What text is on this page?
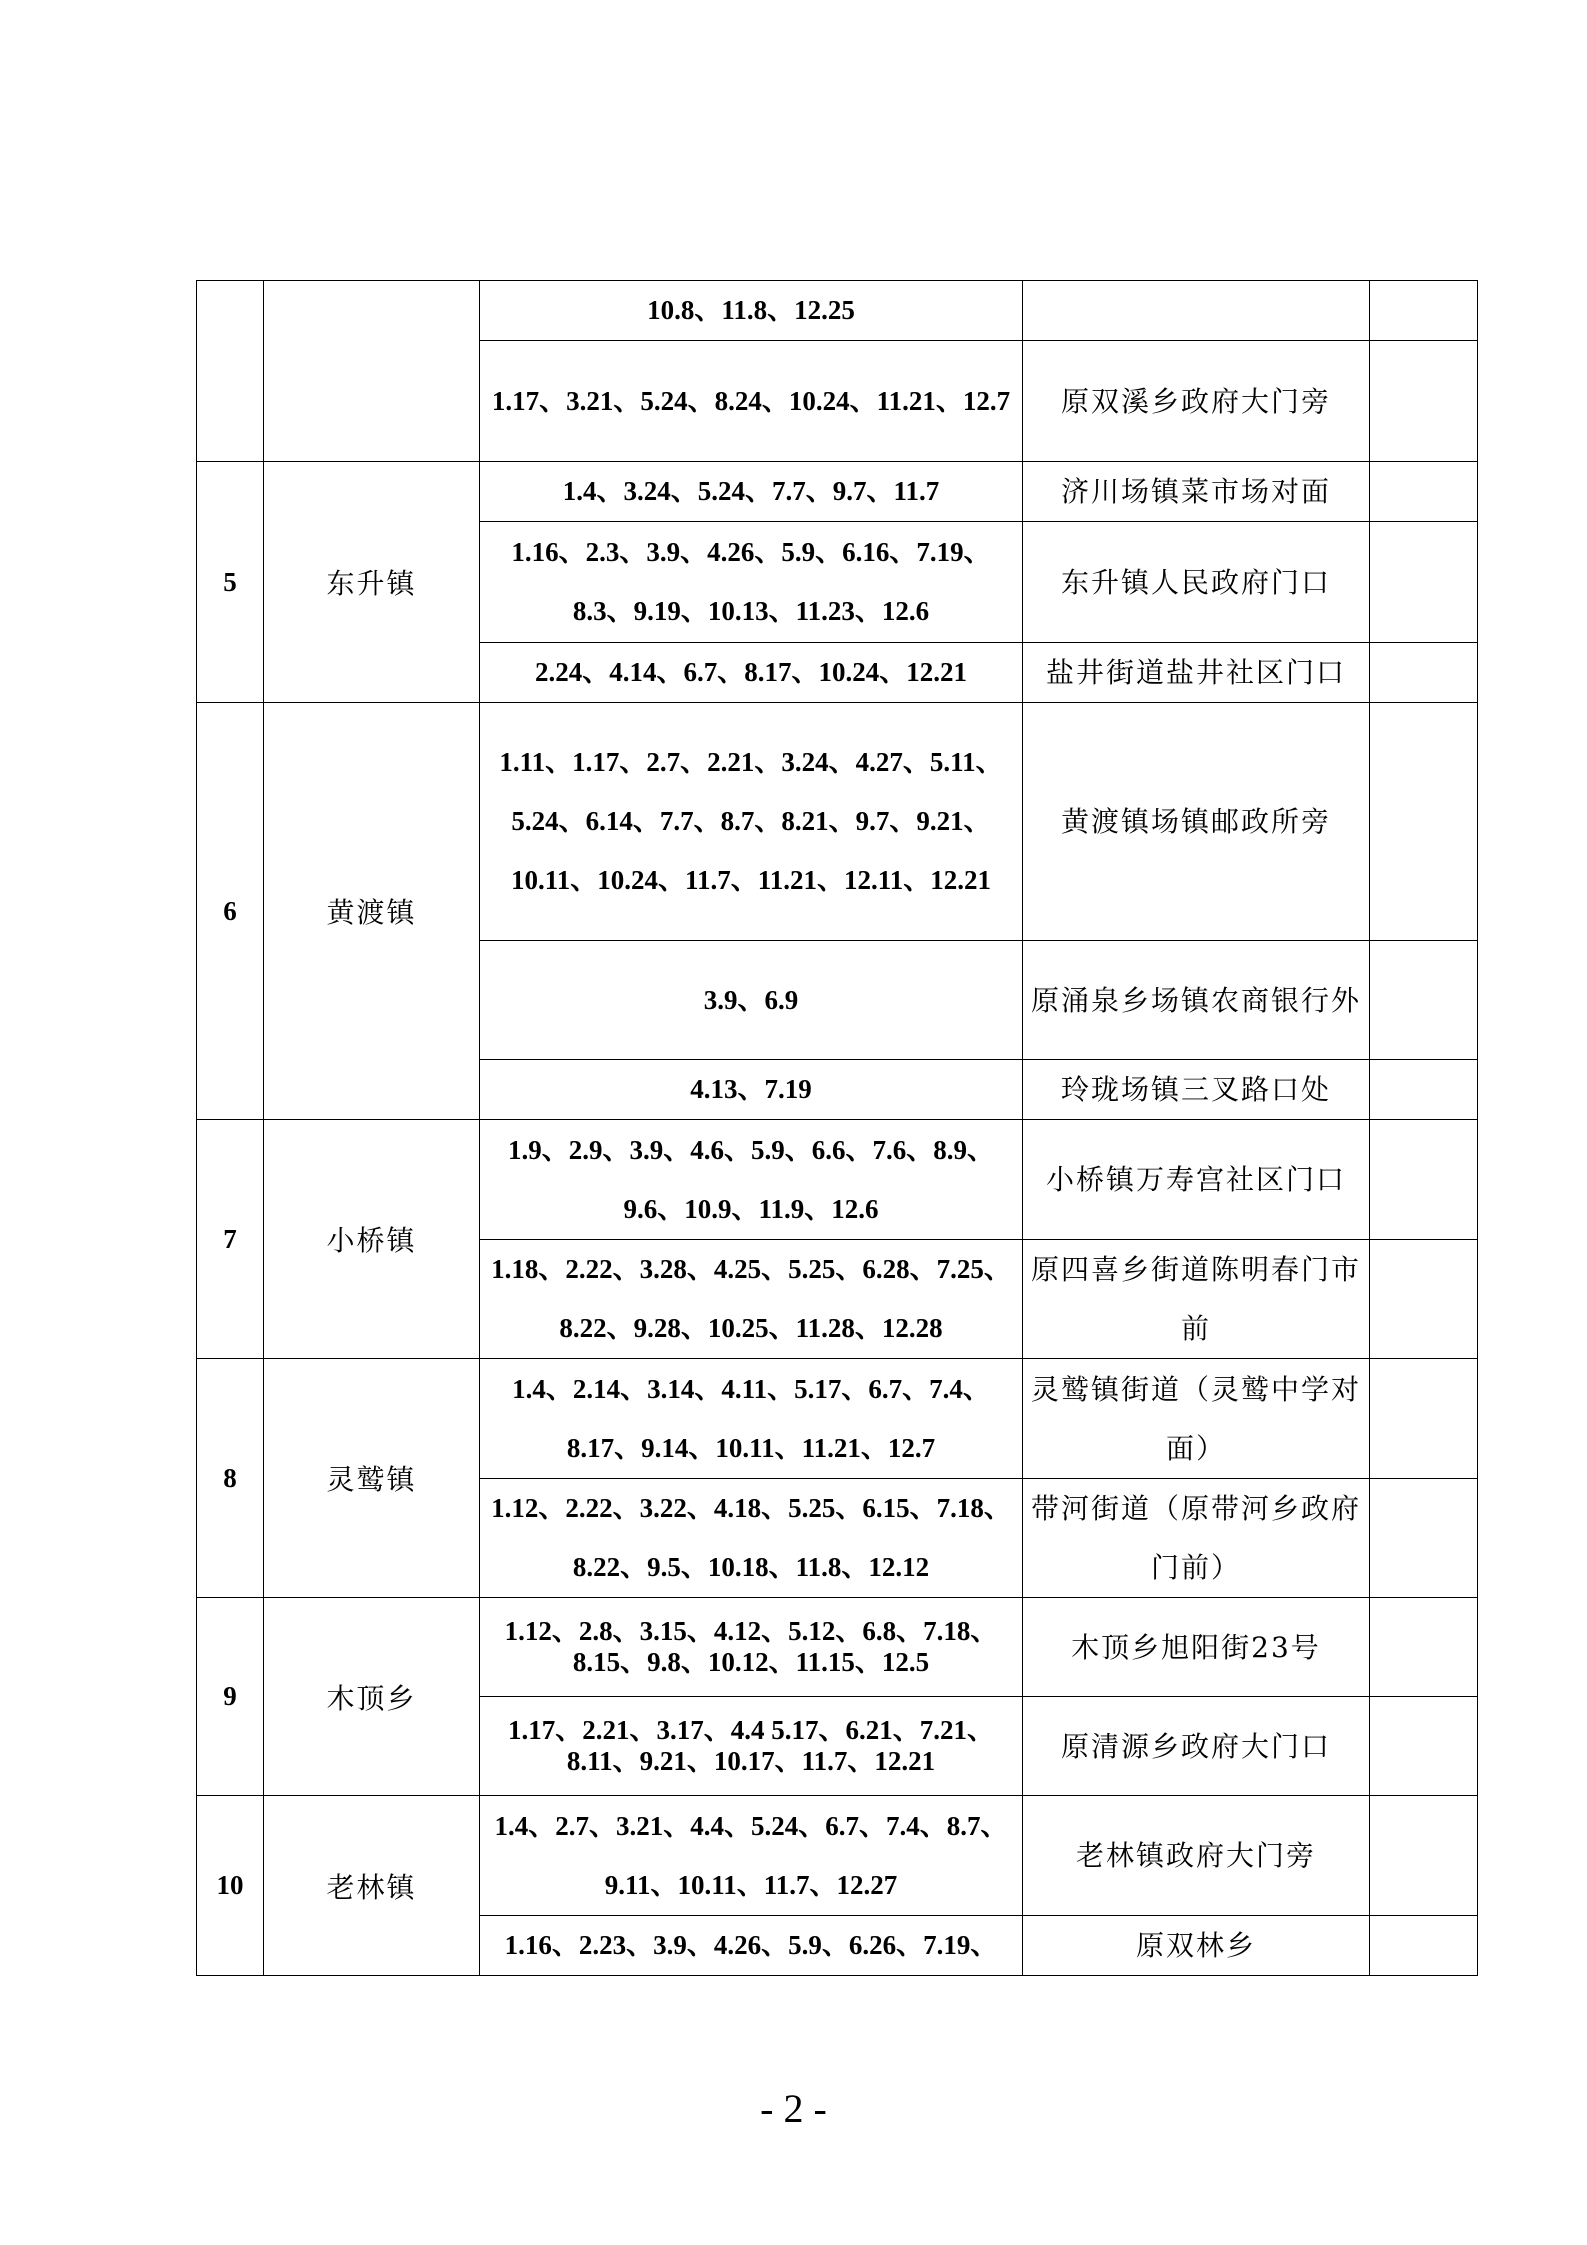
		10.8、11.8、12.25		
		1.17、3.21、5.24、8.24、10.24、11.21、12.7	原双溪乡政府大门旁	
5	东升镇	1.4、3.24、5.24、7.7、9.7、11.7	济川场镇菜市场对面	
		1.16、2.3、3.9、4.26、5.9、6.16、7.19、8.3、9.19、10.13、11.23、12.6	东升镇人民政府门口	
		2.24、4.14、6.7、8.17、10.24、12.21	盐井街道盐井社区门口	
6	黄渡镇	1.11、1.17、2.7、2.21、3.24、4.27、5.11、5.24、6.14、7.7、8.7、8.21、9.7、9.21、10.11、10.24、11.7、11.21、12.11、12.21	黄渡镇场镇邮政所旁	
		3.9、6.9	原涌泉乡场镇农商银行外	
		4.13、7.19	玲珑场镇三叉路口处	
7	小桥镇	1.9、2.9、3.9、4.6、5.9、6.6、7.6、8.9、9.6、10.9、11.9、12.6	小桥镇万寿宫社区门口	
		1.18、2.22、3.28、4.25、5.25、6.28、7.25、8.22、9.28、10.25、11.28、12.28	原四喜乡街道陈明春门市前	
8	灵鹫镇	1.4、2.14、3.14、4.11、5.17、6.7、7.4、8.17、9.14、10.11、11.21、12.7	灵鹫镇街道（灵鹫中学对面）	
		1.12、2.22、3.22、4.18、5.25、6.15、7.18、8.22、9.5、10.18、11.8、12.12	带河街道（原带河乡政府门前）	
9	木顶乡	1.12、2.8、3.15、4.12、5.12、6.8、7.18、8.15、9.8、10.12、11.15、12.5	木顶乡旭阳街23号	
		1.17、2.21、3.17、4.4 5.17、6.21、7.21、8.11、9.21、10.17、11.7、12.21	原清源乡政府大门口	
10	老林镇	1.4、2.7、3.21、4.4、5.24、6.7、7.4、8.7、9.11、10.11、11.7、12.27	老林镇政府大门旁	
		1.16、2.23、3.9、4.26、5.9、6.26、7.19、	原双林乡	
- 2 -
